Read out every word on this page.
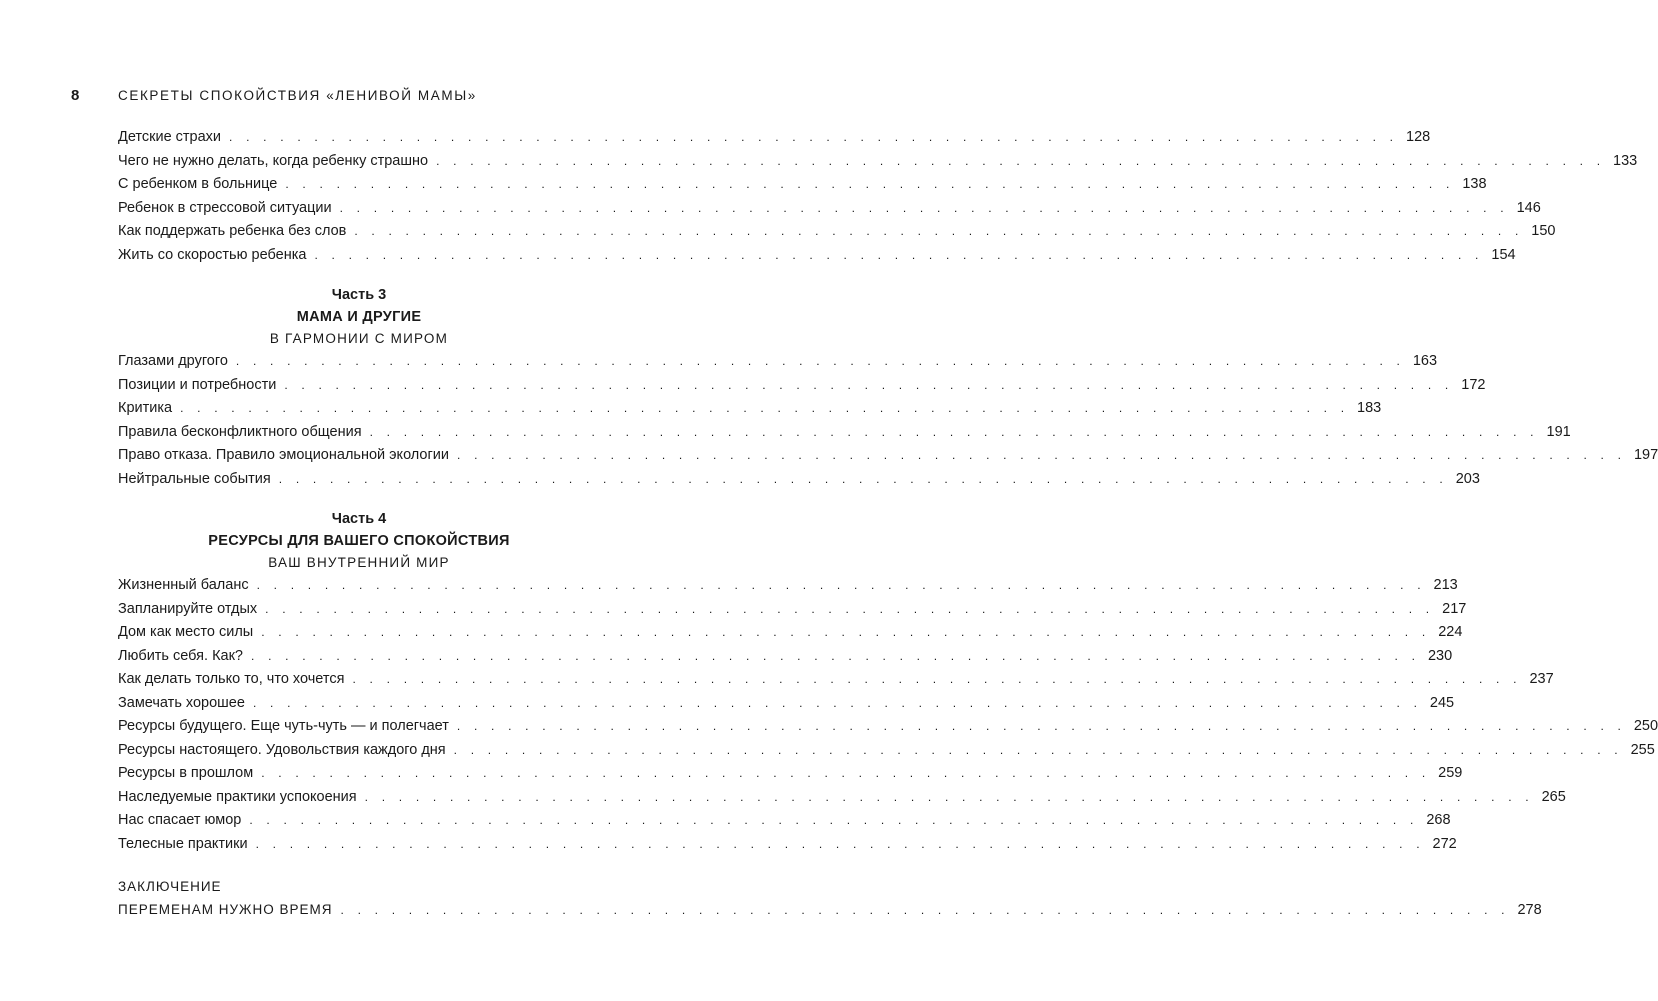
8	СЕКРЕТЫ СПОКОЙСТВИЯ «ЛЕНИВОЙ МАМЫ»
Детские страхи . . . . . . . . . . . . . . . . . . . . . . . . . . . . . . . . . . . . . . . . . . . . . . . . . . . . . . . . . . . . . . . . . . . . . 128
Чего не нужно делать, когда ребенку страшно . . . . . . . . . . . . . . . . . . . . . . . . . . . . . . . . . . . . . . . . . . . . . . . . . . . . . . . . . . . . . . . . . . . . . 133
С ребенком в больнице . . . . . . . . . . . . . . . . . . . . . . . . . . . . . . . . . . . . . . . . . . . . . . . . . . . . . . . . . . . . . . . . . . . . . 138
Ребенок в стрессовой ситуации . . . . . . . . . . . . . . . . . . . . . . . . . . . . . . . . . . . . . . . . . . . . . . . . . . . . . . . . . . . . . . . . . . . . . 146
Как поддержать ребенка без слов . . . . . . . . . . . . . . . . . . . . . . . . . . . . . . . . . . . . . . . . . . . . . . . . . . . . . . . . . . . . . . . . . . . . . 150
Жить со скоростью ребенка . . . . . . . . . . . . . . . . . . . . . . . . . . . . . . . . . . . . . . . . . . . . . . . . . . . . . . . . . . . . . . . . . . . . . 154
Часть 3
МАМА И ДРУГИЕ
В ГАРМОНИИ С МИРОМ
Глазами другого . . . . . . . . . . . . . . . . . . . . . . . . . . . . . . . . . . . . . . . . . . . . . . . . . . . . . . . . . . . . . . . . . . . . . 163
Позиции и потребности . . . . . . . . . . . . . . . . . . . . . . . . . . . . . . . . . . . . . . . . . . . . . . . . . . . . . . . . . . . . . . . . . . . . . 172
Критика . . . . . . . . . . . . . . . . . . . . . . . . . . . . . . . . . . . . . . . . . . . . . . . . . . . . . . . . . . . . . . . . . . . . . 183
Правила бесконфликтного общения . . . . . . . . . . . . . . . . . . . . . . . . . . . . . . . . . . . . . . . . . . . . . . . . . . . . . . . . . . . . . . . . . . . . . 191
Право отказа. Правило эмоциональной экологии . . . . . . . . . . . . . . . . . . . . . . . . . . . . . . . . . . . . . . . . . . . . . . . . . . . . . . . . . . . . . . . . . . . . . 197
Нейтральные события . . . . . . . . . . . . . . . . . . . . . . . . . . . . . . . . . . . . . . . . . . . . . . . . . . . . . . . . . . . . . . . . . . . . . 203
Часть 4
РЕСУРСЫ ДЛЯ ВАШЕГО СПОКОЙСТВИЯ
ВАШ ВНУТРЕННИЙ МИР
Жизненный баланс . . . . . . . . . . . . . . . . . . . . . . . . . . . . . . . . . . . . . . . . . . . . . . . . . . . . . . . . . . . . . . . . . . . . . 213
Запланируйте отдых . . . . . . . . . . . . . . . . . . . . . . . . . . . . . . . . . . . . . . . . . . . . . . . . . . . . . . . . . . . . . . . . . . . . . 217
Дом как место силы . . . . . . . . . . . . . . . . . . . . . . . . . . . . . . . . . . . . . . . . . . . . . . . . . . . . . . . . . . . . . . . . . . . . . 224
Любить себя. Как? . . . . . . . . . . . . . . . . . . . . . . . . . . . . . . . . . . . . . . . . . . . . . . . . . . . . . . . . . . . . . . . . . . . . . 230
Как делать только то, что хочется . . . . . . . . . . . . . . . . . . . . . . . . . . . . . . . . . . . . . . . . . . . . . . . . . . . . . . . . . . . . . . . . . . . . . 237
Замечать хорошее . . . . . . . . . . . . . . . . . . . . . . . . . . . . . . . . . . . . . . . . . . . . . . . . . . . . . . . . . . . . . . . . . . . . . 245
Ресурсы будущего. Еще чуть-чуть — и полегчает . . . . . . . . . . . . . . . . . . . . . . . . . . . . . . . . . . . . . . . . . . . . . . . . . . . . . . . . . . . . . . . . . . . . . 250
Ресурсы настоящего. Удовольствия каждого дня . . . . . . . . . . . . . . . . . . . . . . . . . . . . . . . . . . . . . . . . . . . . . . . . . . . . . . . . . . . . . . . . . . . . . 255
Ресурсы в прошлом . . . . . . . . . . . . . . . . . . . . . . . . . . . . . . . . . . . . . . . . . . . . . . . . . . . . . . . . . . . . . . . . . . . . . 259
Наследуемые практики успокоения . . . . . . . . . . . . . . . . . . . . . . . . . . . . . . . . . . . . . . . . . . . . . . . . . . . . . . . . . . . . . . . . . . . . . 265
Нас спасает юмор . . . . . . . . . . . . . . . . . . . . . . . . . . . . . . . . . . . . . . . . . . . . . . . . . . . . . . . . . . . . . . . . . . . . . 268
Телесные практики . . . . . . . . . . . . . . . . . . . . . . . . . . . . . . . . . . . . . . . . . . . . . . . . . . . . . . . . . . . . . . . . . . . . . 272
ЗАКЛЮЧЕНИЕ
ПЕРЕМЕНАМ НУЖНО ВРЕМЯ . . . . . . . . . . . . . . . . . . . . . . . . . . . . . . . . . . . . . . . . . . . . . . . . . . . . . . . . . . . . . . . . . . . . . 278
